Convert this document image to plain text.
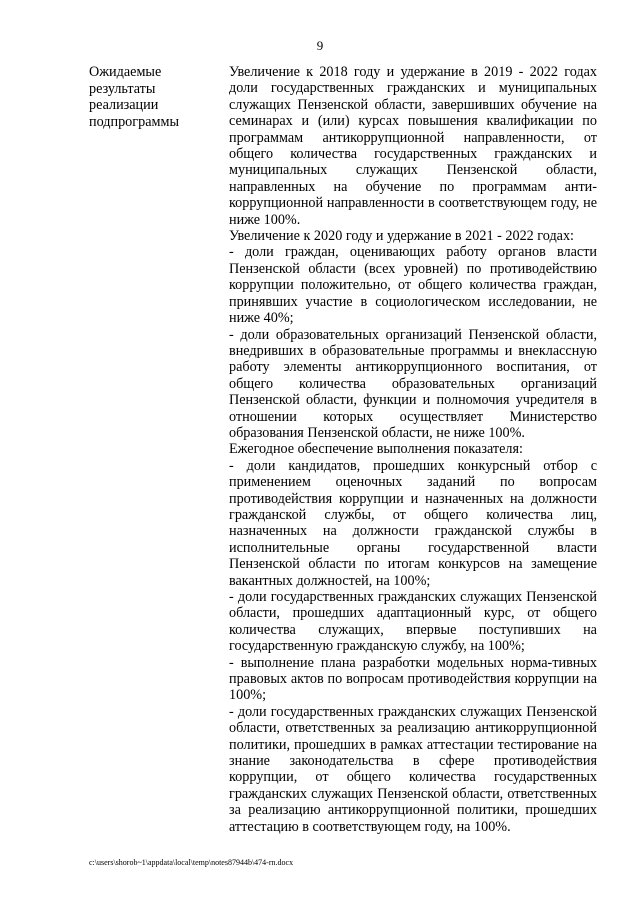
9
Ожидаемые результаты реализации подпрограммы

Увеличение к 2018 году и удержание в 2019 - 2022 годах доли государственных гражданских и муниципальных служащих Пензенской области, завершивших обучение на семинарах и (или) курсах повышения квалификации по программам антикоррупционной направленности, от общего количества государственных гражданских и муниципальных служащих Пензенской области, направленных на обучение по программам анти-коррупционной направленности в соответствующем году, не ниже 100%.

Увеличение к 2020 году и удержание в 2021 - 2022 годах:

- доли граждан, оценивающих работу органов власти Пензенской области (всех уровней) по противодействию коррупции положительно, от общего количества граждан, принявших участие в социологическом исследовании, не ниже 40%;

- доли образовательных организаций Пензенской области, внедривших в образовательные программы и внеклассную работу элементы антикоррупционного воспитания, от общего количества образовательных организаций Пензенской области, функции и полномочия учредителя в отношении которых осуществляет Министерство образования Пензенской области, не ниже 100%.

Ежегодное обеспечение выполнения показателя:

- доли кандидатов, прошедших конкурсный отбор с применением оценочных заданий по вопросам противодействия коррупции и назначенных на должности гражданской службы, от общего количества лиц, назначенных на должности гражданской службы в исполнительные органы государственной власти Пензенской области по итогам конкурсов на замещение вакантных должностей, на 100%;

- доли государственных гражданских служащих Пензенской области, прошедших адаптационный курс, от общего количества служащих, впервые поступивших на государственную гражданскую службу, на 100%;

- выполнение плана разработки модельных норма-тивных правовых актов по вопросам противодействия коррупции на 100%;

- доли государственных гражданских служащих Пензенской области, ответственных за реализацию антикоррупционной политики, прошедших в рамках аттестации тестирование на знание законодательства в сфере противодействия коррупции, от общего количества государственных гражданских служащих Пензенской области, ответственных за реализацию антикоррупционной политики, прошедших аттестацию в соответствующем году, на 100%.

c:\users\shorob~1\appdata\local\temp\notes87944b\474-rn.docx
